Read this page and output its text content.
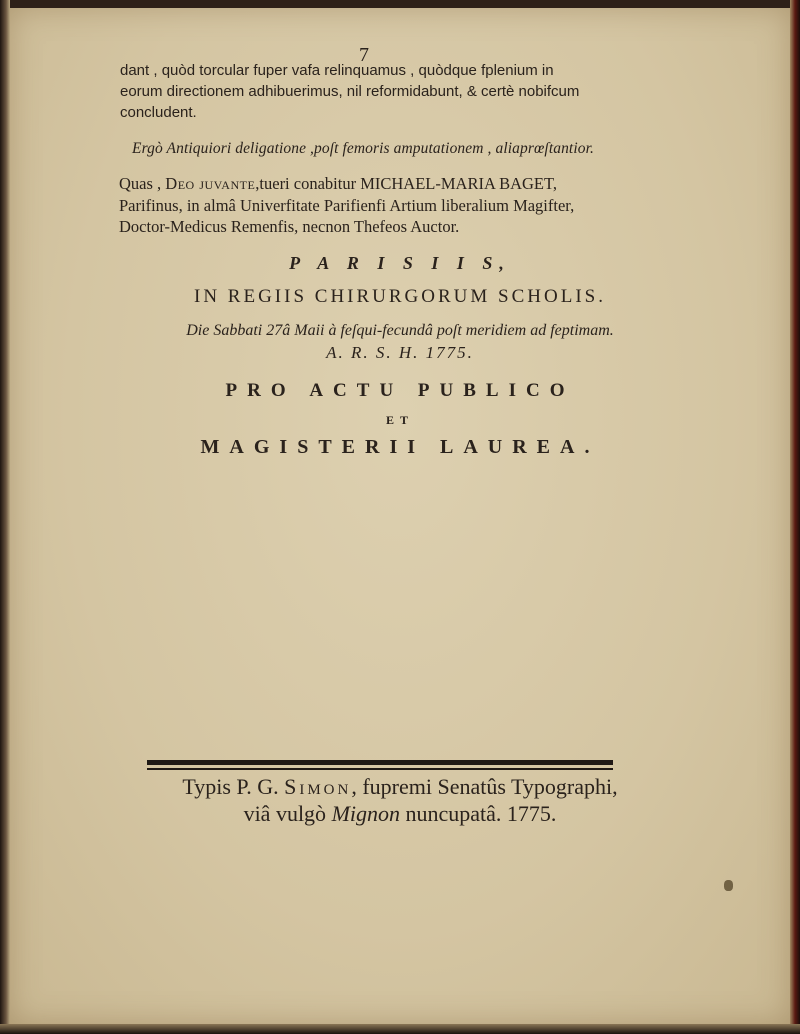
7
dant , quòd torcular fuper vafa relinquamus , quòdque fplenium in
eorum directionem adhibuerimus, nil reformidabunt, & certè nobifcum
concludent.
Ergò Antiquiori deligatione ,poſt femoris amputationem , aliaprœſtantior.
Quas , Deo juvante,tueri conabitur MICHAEL-MARIA BAGET,
Parifinus, in almâ Univerfitate Parifienfi Artium liberalium Magifter,
Doctor-Medicus Remenfis, necnon Thefeos Auctor.
P A R I S I I S,
IN REGIIS CHIRURGORUM SCHOLIS.
Die Sabbati 27â Maii à feſqui-fecundâ poſt meridiem ad feptimam.
A. R. S. H. 1775.
PRO ACTU PUBLICO
ET
MAGISTERII LAUREA.
Typis P. G. Simon, fupremi Senatûs Typographi,
viâ vulgò Mignon nuncupatâ. 1775.
